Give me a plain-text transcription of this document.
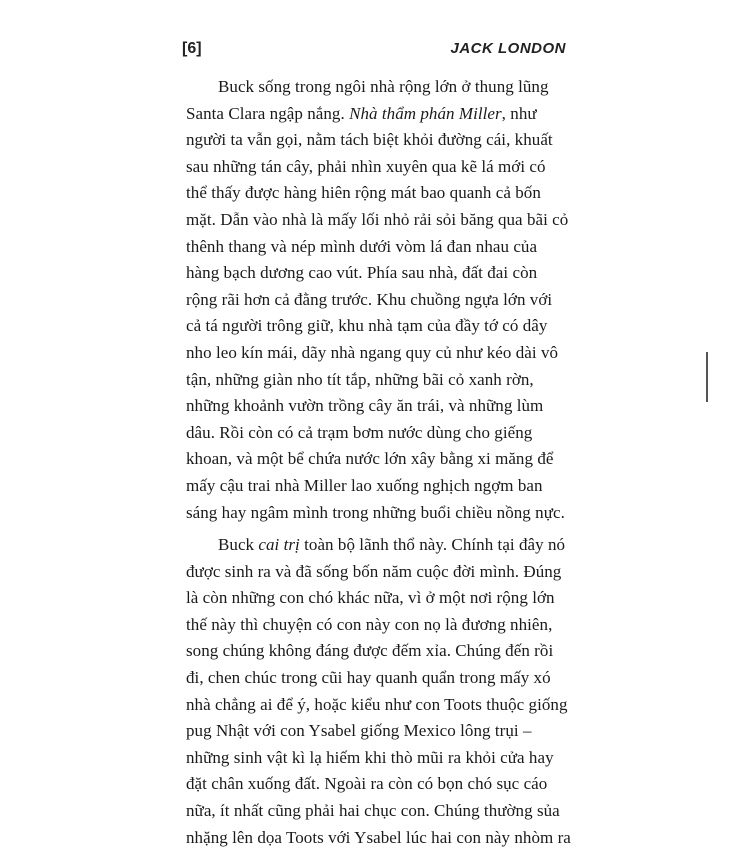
[6]	JACK LONDON

Buck sống trong ngôi nhà rộng lớn ở thung lũng

Santa Clara ngập nắng. Nhà thẩm phán Miller, như

người ta vẫn gọi, nằm tách biệt khỏi đường cái, khuất

sau những tán cây, phải nhìn xuyên qua kẽ lá mới có

thể thấy được hàng hiên rộng mát bao quanh cả bốn

mặt. Dẫn vào nhà là mấy lối nhỏ rải sỏi băng qua bãi cỏ

thênh thang và nép mình dưới vòm lá đan nhau của

hàng bạch dương cao vút. Phía sau nhà, đất đai còn

rộng rãi hơn cả đằng trước. Khu chuồng ngựa lớn với

cả tá người trông giữ, khu nhà tạm của đầy tớ có dây

nho leo kín mái, dãy nhà ngang quy củ như kéo dài vô

tận, những giàn nho tít tắp, những bãi cỏ xanh rờn,

những khoảnh vườn trồng cây ăn trái, và những lùm

dâu. Rồi còn có cả trạm bơm nước dùng cho giếng

khoan, và một bể chứa nước lớn xây bằng xi măng để

mấy cậu trai nhà Miller lao xuống nghịch ngợm ban

sáng hay ngâm mình trong những buổi chiều nồng nực.

Buck cai trị toàn bộ lãnh thổ này. Chính tại đây nó

được sinh ra và đã sống bốn năm cuộc đời mình. Đúng

là còn những con chó khác nữa, vì ở một nơi rộng lớn

thế này thì chuyện có con này con nọ là đương nhiên,

song chúng không đáng được đếm xỉa. Chúng đến rồi

đi, chen chúc trong cũi hay quanh quẩn trong mấy xó

nhà chẳng ai để ý, hoặc kiểu như con Toots thuộc giống

pug Nhật với con Ysabel giống Mexico lông trụi –

những sinh vật kì lạ hiếm khi thò mũi ra khỏi cửa hay

đặt chân xuống đất. Ngoài ra còn có bọn chó sục cáo

nữa, ít nhất cũng phải hai chục con. Chúng thường sủa

nhặng lên dọa Toots với Ysabel lúc hai con này nhòm ra
